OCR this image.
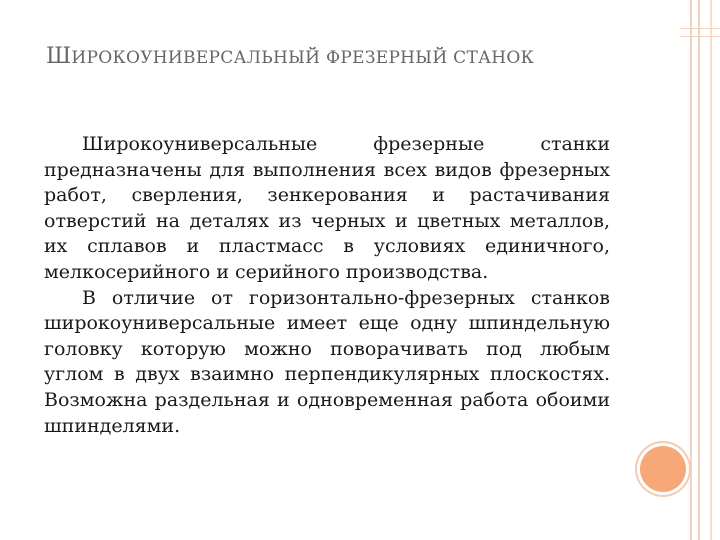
ШИРОКОУНИВЕРСАЛЬНЫЙ ФРЕЗЕРНЫЙ СТАНОК

Широкоуниверсальные фрезерные станки предназначены для выполнения всех видов фрезерных работ, сверления, зенкерования и растачивания отверстий на деталях из черных и цветных металлов, их сплавов и пластмасс в условиях единичного, мелкосерийного и серийного производства.

В отличие от горизонтально-фрезерных станков широкоуниверсальные имеет еще одну шпиндельную головку которую можно поворачивать под любым углом в двух взаимно перпендикулярных плоскостях. Возможна раздельная и одновременная работа обоими шпинделями.
